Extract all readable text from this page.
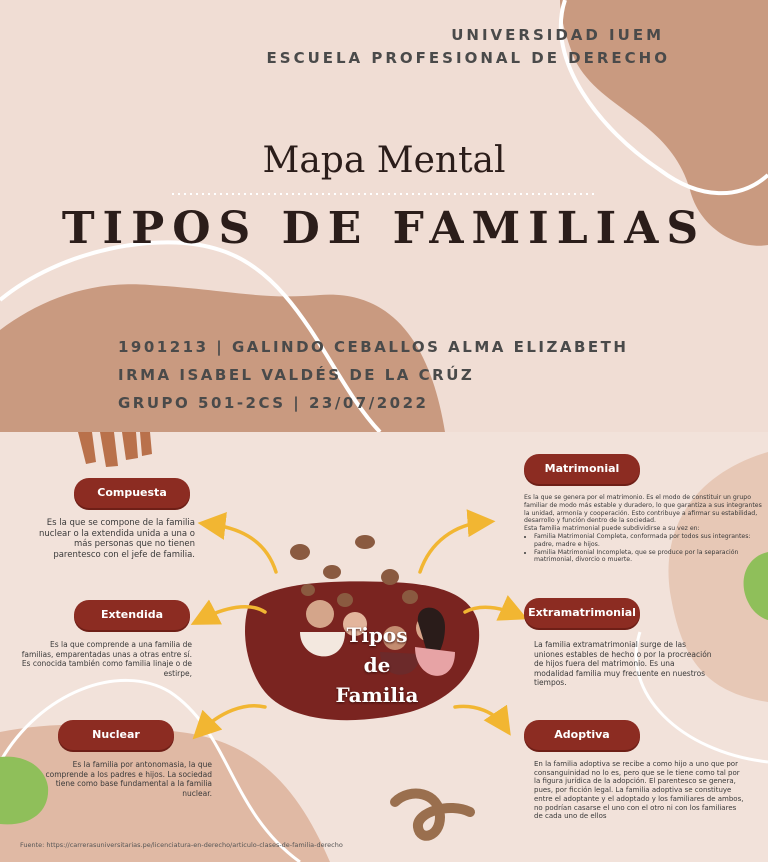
UNIVERSIDAD IUEM
ESCUELA PROFESIONAL DE DERECHO
Mapa Mental
TIPOS DE FAMILIAS
1901213 | GALINDO CEBALLOS ALMA ELIZABETH
IRMA ISABEL VALDÉS DE LA CRÚZ
GRUPO 501-2CS | 23/07/2022
Tipos
de
Familia
Compuesta
Es la que se compone de la familia nuclear o la extendida unida a una o más personas que no tienen parentesco con el jefe de familia.
Extendida
Es la que comprende a una familia de familias, emparentadas unas a otras entre sí. Es conocida también como familia linaje o de estirpe,
Nuclear
Es la familia por antonomasia, la que comprende a los padres e hijos. La sociedad tiene como base fundamental a la familia nuclear.
Matrimonial
Es la que se genera por el matrimonio. Es el modo de constituir un grupo familiar de modo más estable y duradero, lo que garantiza a sus integrantes la unidad, armonía y cooperación. Esto contribuye a afirmar su estabilidad, desarrollo y función dentro de la sociedad.
Esta familia matrimonial puede subdividirse a su vez en:
• Familia Matrimonial Completa, conformada por todos sus integrantes: padre, madre e hijos.
• Familia Matrimonial Incompleta, que se produce por la separación matrimonial, divorcio o muerte.
Extramatrimonial
La familia extramatrimonial surge de las uniones estables de hecho o por la procreación de hijos fuera del matrimonio. Es una modalidad familia muy frecuente en nuestros tiempos.
Adoptiva
En la familia adoptiva se recibe a como hijo a uno que por consanguinidad no lo es, pero que se le tiene como tal por la figura jurídica de la adopción. El parentesco se genera, pues, por ficción legal. La familia adoptiva se constituye entre el adoptante y el adoptado y los familiares de ambos, no podrían casarse el uno con el otro ni con los familiares de cada uno de ellos
Fuente: https://carrerasuniversitarias.pe/licenciatura-en-derecho/articulo-clases-de-familia-derecho
